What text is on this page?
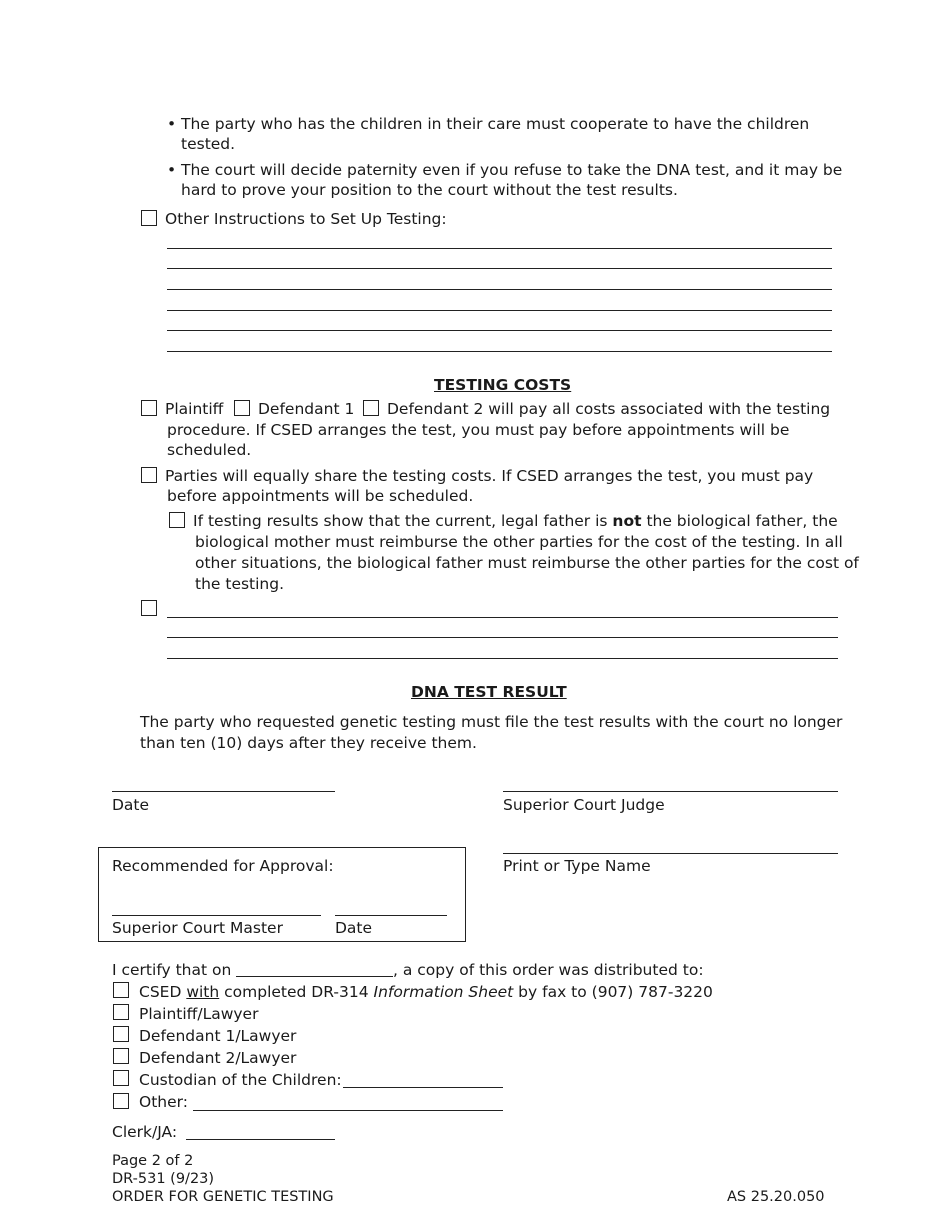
• The party who has the children in their care must cooperate to have the children
tested.
• The court will decide paternity even if you refuse to take the DNA test, and it may be
hard to prove your position to the court without the test results.
Other Instructions to Set Up Testing:
TESTING COSTS
Plaintiff Defendant 1 Defendant 2 will pay all costs associated with the testing
procedure. If CSED arranges the test, you must pay before appointments will be
scheduled.
Parties will equally share the testing costs. If CSED arranges the test, you must pay
before appointments will be scheduled.
If testing results show that the current, legal father is not the biological father, the
biological mother must reimburse the other parties for the cost of the testing. In all
other situations, the biological father must reimburse the other parties for the cost of
the testing.
DNA TEST RESULT
The party who requested genetic testing must file the test results with the court no longer
than ten (10) days after they receive them.
Date	Superior Court Judge
Print or Type Name
Recommended for Approval:
Superior Court Master	Date
I certify that on	, a copy of this order was distributed to:
CSED with completed DR-314 Information Sheet by fax to (907) 787-3220
Plaintiff/Lawyer
Defendant 1/Lawyer
Defendant 2/Lawyer
Custodian of the Children:
Other:
Clerk/JA:
Page 2 of 2
DR-531 (9/23)
ORDER FOR GENETIC TESTING	AS 25.20.050
